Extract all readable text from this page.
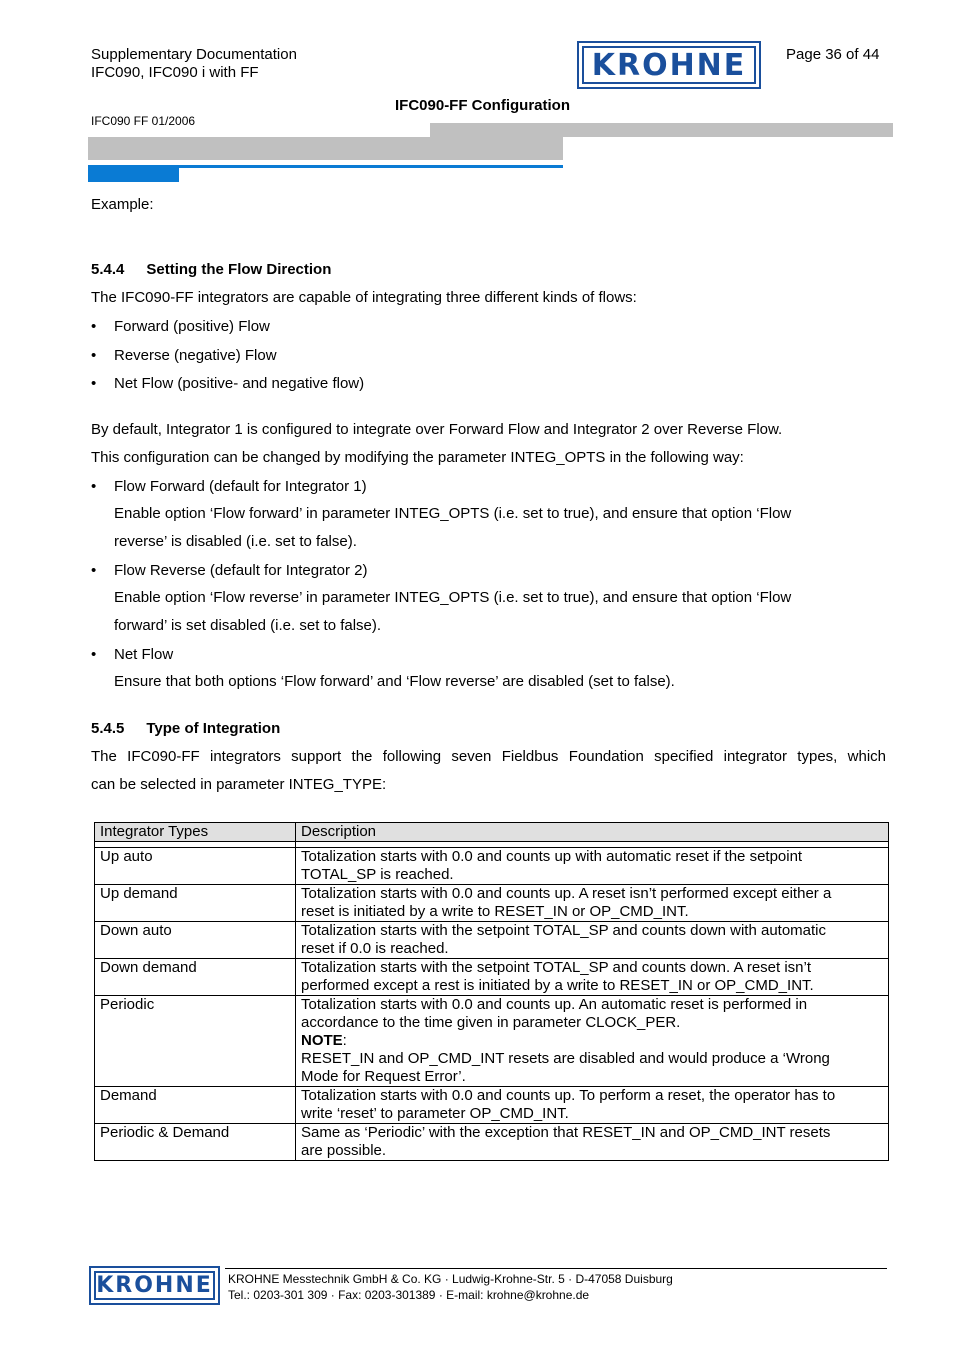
Supplementary Documentation
IFC090, IFC090 i with FF	KROHNE	Page 36 of 44
IFC090-FF Configuration
IFC090 FF 01/2006
Example:
5.4.4 Setting the Flow Direction
The IFC090-FF integrators are capable of integrating three different kinds of flows:
• Forward (positive) Flow
• Reverse (negative) Flow
• Net Flow (positive- and negative flow)
By default, Integrator 1 is configured to integrate over Forward Flow and Integrator 2 over Reverse Flow.
This configuration can be changed by modifying the parameter INTEG_OPTS in the following way:
• Flow Forward (default for Integrator 1)
Enable option ‘Flow forward’ in parameter INTEG_OPTS (i.e. set to true), and ensure that option ‘Flow
reverse’ is disabled (i.e. set to false).
• Flow Reverse (default for Integrator 2)
Enable option ‘Flow reverse’ in parameter INTEG_OPTS (i.e. set to true), and ensure that option ‘Flow
forward’ is set disabled (i.e. set to false).
• Net Flow
Ensure that both options ‘Flow forward’ and ‘Flow reverse’ are disabled (set to false).
5.4.5 Type of Integration
The IFC090-FF integrators support the following seven Fieldbus Foundation specified integrator types, which
can be selected in parameter INTEG_TYPE:
Integrator Types	Description

Up auto	Totalization starts with 0.0 and counts up with automatic reset if the setpoint
TOTAL_SP is reached.

Up demand	Totalization starts with 0.0 and counts up. A reset isn’t performed except either a
reset is initiated by a write to RESET_IN or OP_CMD_INT.

Down auto	Totalization starts with the setpoint TOTAL_SP and counts down with automatic
reset if 0.0 is reached.

Down demand	Totalization starts with the setpoint TOTAL_SP and counts down. A reset isn’t
performed except a rest is initiated by a write to RESET_IN or OP_CMD_INT.

Periodic	Totalization starts with 0.0 and counts up. An automatic reset is performed in
accordance to the time given in parameter CLOCK_PER.
NOTE:
RESET_IN and OP_CMD_INT resets are disabled and would produce a ‘Wrong
Mode for Request Error’.

Demand	Totalization starts with 0.0 and counts up. To perform a reset, the operator has to
write ‘reset’ to parameter OP_CMD_INT.

Periodic & Demand	Same as ‘Periodic’ with the exception that RESET_IN and OP_CMD_INT resets
are possible.
KROHNE KROHNE Messtechnik GmbH & Co. KG · Ludwig-Krohne-Str. 5 · D-47058 Duisburg
Tel.: 0203-301 309 · Fax: 0203-301389 · E-mail: krohne@krohne.de
